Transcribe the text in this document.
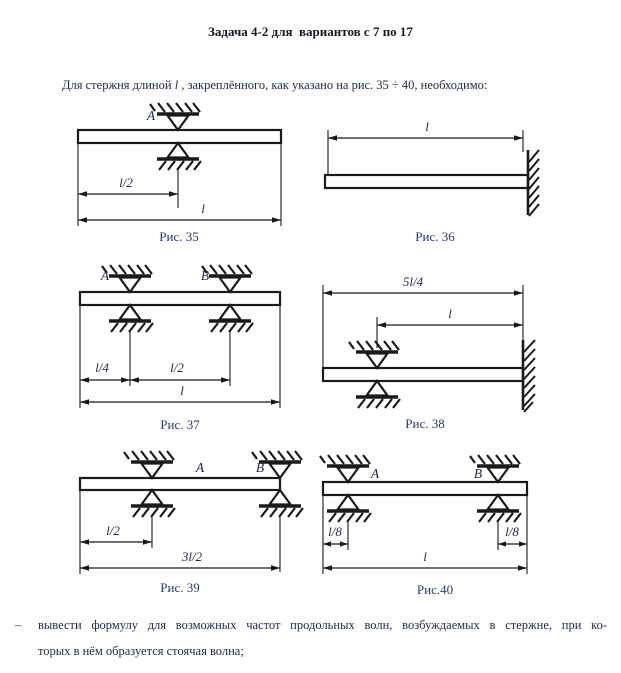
Задача 4-2 для  вариантов с 7 по 17
Для стержня длиной l , закреплённого, как указано на рис. 35 ÷ 40, необходимо:
A
l/2
l
Рис. 35
l
Рис. 36
A	B
l/4	l/2
l
Рис. 37
5l/4
l
Рис. 38
A	B
l/2
3l/2
Рис. 39
A	B
l/8	l/8
l
Рис.40
–	вывести формулу для возможных частот продольных волн, возбуждаемых в стержне, при ко-
торых в нём образуется стоячая волна;
